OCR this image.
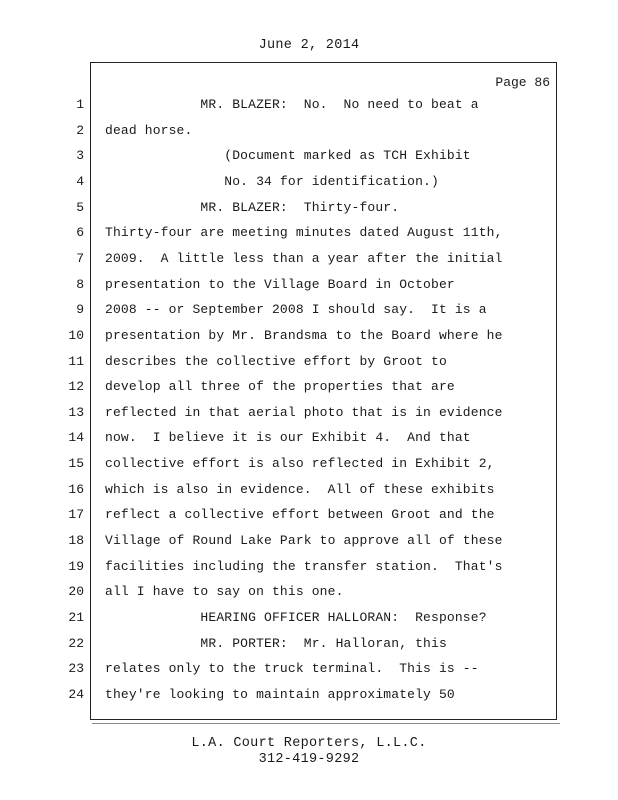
June 2, 2014
Page 86
1 MR. BLAZER:  No.  No need to beat a
2 dead horse.
3 (Document marked as TCH Exhibit
4 No. 34 for identification.)
5 MR. BLAZER:  Thirty-four.
6 Thirty-four are meeting minutes dated August 11th,
7 2009.  A little less than a year after the initial
8 presentation to the Village Board in October
9 2008 -- or September 2008 I should say.  It is a
10 presentation by Mr. Brandsma to the Board where he
11 describes the collective effort by Groot to
12 develop all three of the properties that are
13 reflected in that aerial photo that is in evidence
14 now.  I believe it is our Exhibit 4.  And that
15 collective effort is also reflected in Exhibit 2,
16 which is also in evidence.  All of these exhibits
17 reflect a collective effort between Groot and the
18 Village of Round Lake Park to approve all of these
19 facilities including the transfer station.  That's
20 all I have to say on this one.
21 HEARING OFFICER HALLORAN:  Response?
22 MR. PORTER:  Mr. Halloran, this
23 relates only to the truck terminal.  This is --
24 they're looking to maintain approximately 50
L.A. Court Reporters, L.L.C.
312-419-9292
